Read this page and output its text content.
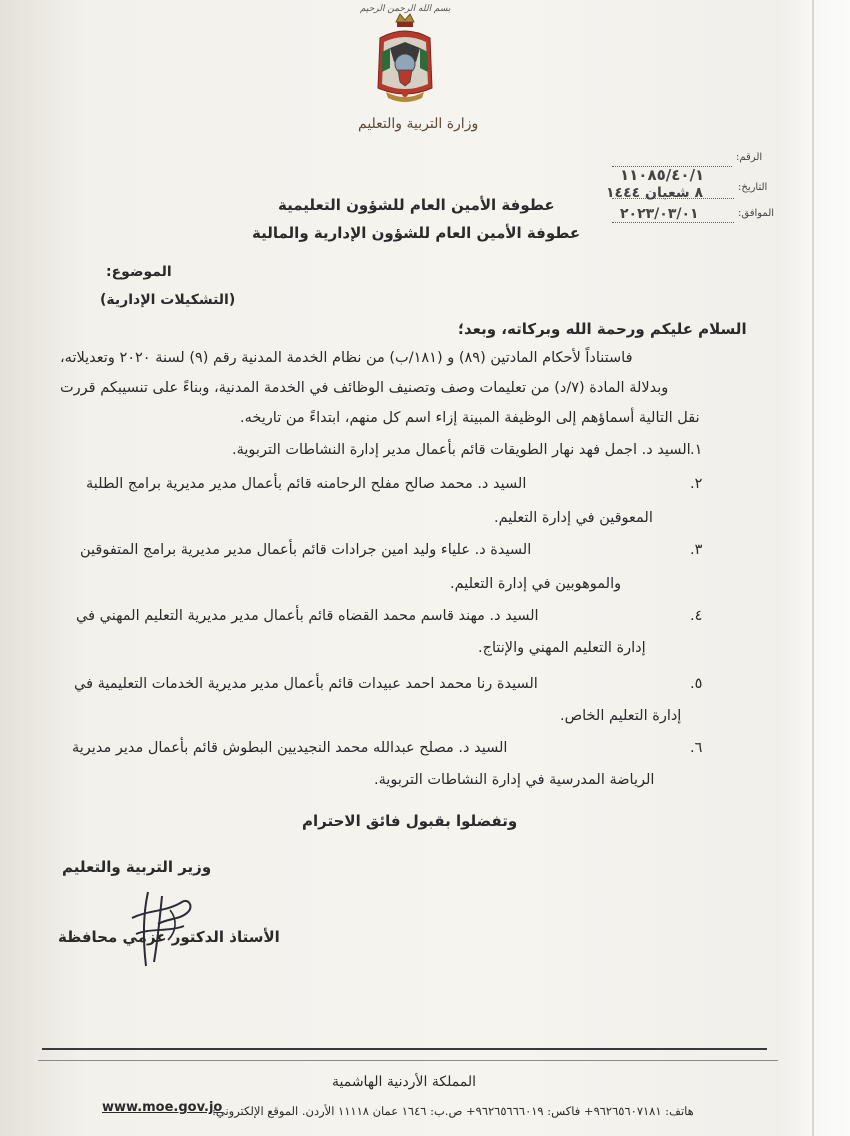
بسم الله الرحمن الرحيم
وزارة التربية والتعليم
الرقم:
١١٠٨٥/٤٠/١
التاريخ:
٨ شعبان ١٤٤٤
الموافق:
٢٠٢٣/٠٣/٠١
عطوفة الأمين العام للشؤون التعليمية
عطوفة الأمين العام للشؤون الإدارية والمالية
الموضوع:
(التشكيلات الإدارية)
السلام عليكم ورحمة الله وبركاته، وبعد؛
فاستناداً لأحكام المادتين (٨٩) و (١٨١/ب) من نظام الخدمة المدنية رقم (٩) لسنة ٢٠٢٠ وتعديلاته،
وبدلالة المادة (٧/د) من تعليمات وصف وتصنيف الوظائف في الخدمة المدنية، وبناءً على تنسيبكم قررت
نقل التالية أسماؤهم إلى الوظيفة المبينة إزاء اسم كل منهم، ابتداءً من تاريخه.
١.
السيد د. اجمل فهد نهار الطويقات قائم بأعمال مدير إدارة النشاطات التربوية.
٢.
السيد د. محمد صالح مفلح الرحامنه قائم بأعمال مدير مديرية برامج الطلبة
المعوقين في إدارة التعليم.
٣.
السيدة د. علياء وليد امين جرادات قائم بأعمال مدير مديرية برامج المتفوقين
والموهوبين في إدارة التعليم.
٤.
السيد د. مهند قاسم محمد القضاه قائم بأعمال مدير مديرية التعليم المهني في
إدارة التعليم المهني والإنتاج.
٥.
السيدة رنا محمد احمد عبيدات قائم بأعمال مدير مديرية الخدمات التعليمية في
إدارة التعليم الخاص.
٦.
السيد د. مصلح عبدالله محمد النجيديين البطوش قائم بأعمال مدير مديرية
الرياضة المدرسية في إدارة النشاطات التربوية.
وتفضلوا بقبول فائق الاحترام
وزير التربية والتعليم
الأستاذ الدكتور عزمي محافظة
المملكة الأردنية الهاشمية
هاتف: ٩٦٢٦٥٦٠٧١٨١+ فاكس: ٩٦٢٦٥٦٦٦٠١٩+ ص.ب: ١٦٤٦ عمان ١١١١٨ الأردن. الموقع الإلكتروني:
www.moe.gov.jo
